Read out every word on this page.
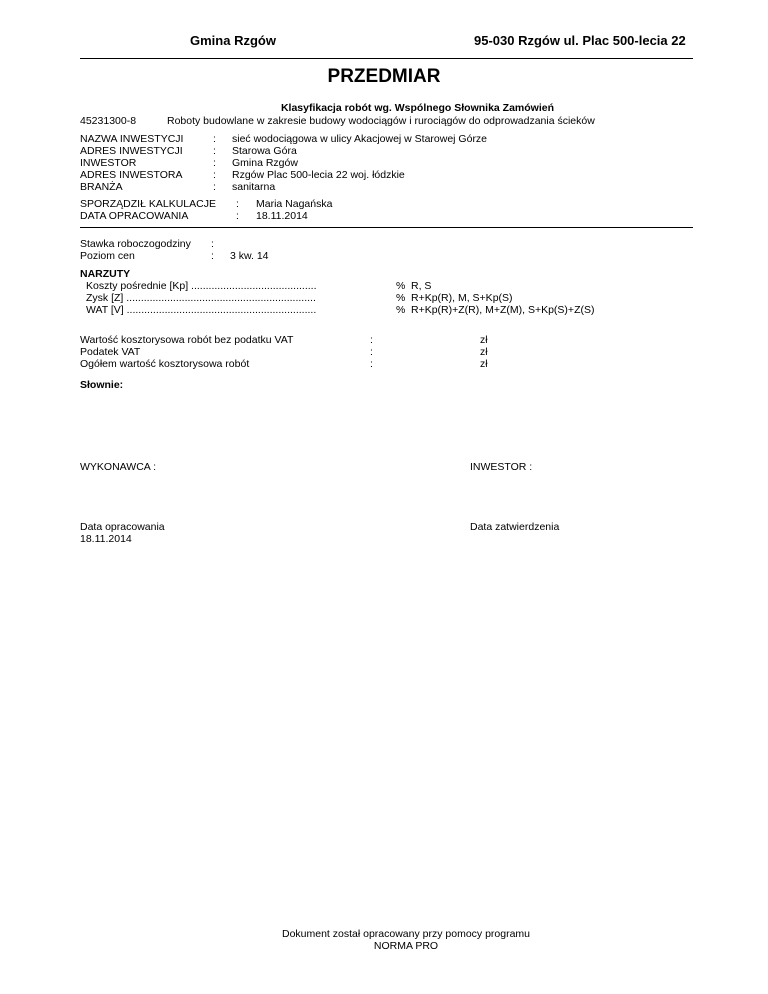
Gmina Rzgów	95-030 Rzgów ul. Plac 500-lecia 22
PRZEDMIAR
Klasyfikacja robót wg. Wspólnego Słownika Zamówień
45231300-8	Roboty budowlane w zakresie budowy wodociągów i rurociągów do odprowadzania ścieków
NAZWA INWESTYCJI	: sieć wodociągowa w ulicy Akacjowej w Starowej Górze
ADRES INWESTYCJI	: Starowa Góra
INWESTOR	: Gmina Rzgów
ADRES INWESTORA	: Rzgów Plac 500-lecia 22 woj. łódzkie
BRANŻA	: sanitarna
SPORZĄDZIŁ KALKULACJE : Maria Nagańska
DATA OPRACOWANIA	: 18.11.2014
Stawka roboczogodziny :
Poziom cen	: 3 kw. 14
NARZUTY
Koszty pośrednie [Kp] ...........................................	% R, S
Zysk [Z] .................................................................	% R+Kp(R), M, S+Kp(S)
WAT [V] .................................................................	% R+Kp(R)+Z(R), M+Z(M), S+Kp(S)+Z(S)
Wartość kosztorysowa robót bez podatku VAT	:	zł
Podatek VAT	:	zł
Ogółem wartość kosztorysowa robót	:	zł
Słownie:
WYKONAWCA :	INWESTOR :
Data opracowania
18.11.2014
Data zatwierdzenia
Dokument został opracowany przy pomocy programu
NORMA PRO
